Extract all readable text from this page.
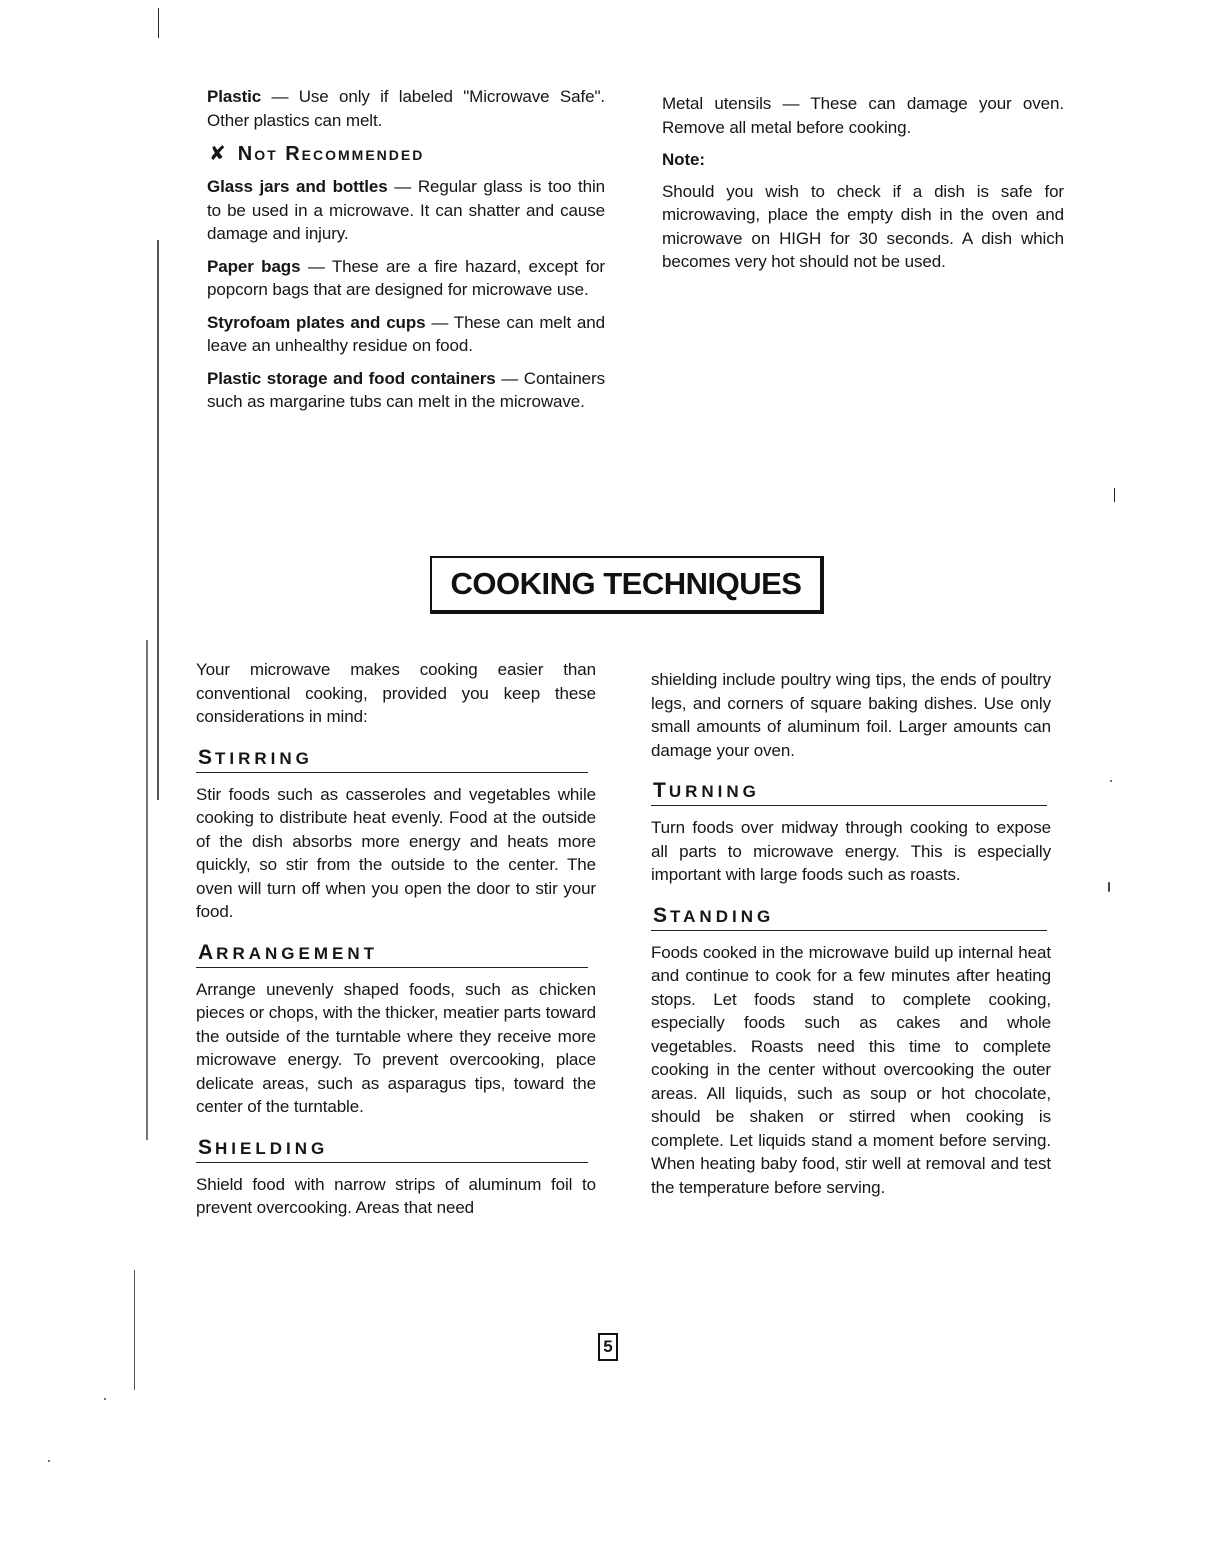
Plastic — Use only if labeled "Microwave Safe". Other plastics can melt.

✘ Not Recommended

Glass jars and bottles — Regular glass is too thin to be used in a microwave. It can shatter and cause damage and injury.

Paper bags — These are a fire hazard, except for popcorn bags that are designed for microwave use.

Styrofoam plates and cups — These can melt and leave an unhealthy residue on food.

Plastic storage and food containers — Containers such as margarine tubs can melt in the microwave.

Metal utensils — These can damage your oven. Remove all metal before cooking.

Note:

Should you wish to check if a dish is safe for microwaving, place the empty dish in the oven and microwave on HIGH for 30 seconds. A dish which becomes very hot should not be used.

COOKING TECHNIQUES

Your microwave makes cooking easier than conventional cooking, provided you keep these considerations in mind:

STIRRING

Stir foods such as casseroles and vegetables while cooking to distribute heat evenly. Food at the outside of the dish absorbs more energy and heats more quickly, so stir from the outside to the center. The oven will turn off when you open the door to stir your food.

ARRANGEMENT

Arrange unevenly shaped foods, such as chicken pieces or chops, with the thicker, meatier parts toward the outside of the turntable where they receive more microwave energy. To prevent overcooking, place delicate areas, such as asparagus tips, toward the center of the turntable.

SHIELDING

Shield food with narrow strips of aluminum foil to prevent overcooking. Areas that need

shielding include poultry wing tips, the ends of poultry legs, and corners of square baking dishes. Use only small amounts of aluminum foil. Larger amounts can damage your oven.

TURNING

Turn foods over midway through cooking to expose all parts to microwave energy. This is especially important with large foods such as roasts.

STANDING

Foods cooked in the microwave build up internal heat and continue to cook for a few minutes after heating stops. Let foods stand to complete cooking, especially foods such as cakes and whole vegetables. Roasts need this time to complete cooking in the center without overcooking the outer areas. All liquids, such as soup or hot chocolate, should be shaken or stirred when cooking is complete. Let liquids stand a moment before serving. When heating baby food, stir well at removal and test the temperature before serving.

5
